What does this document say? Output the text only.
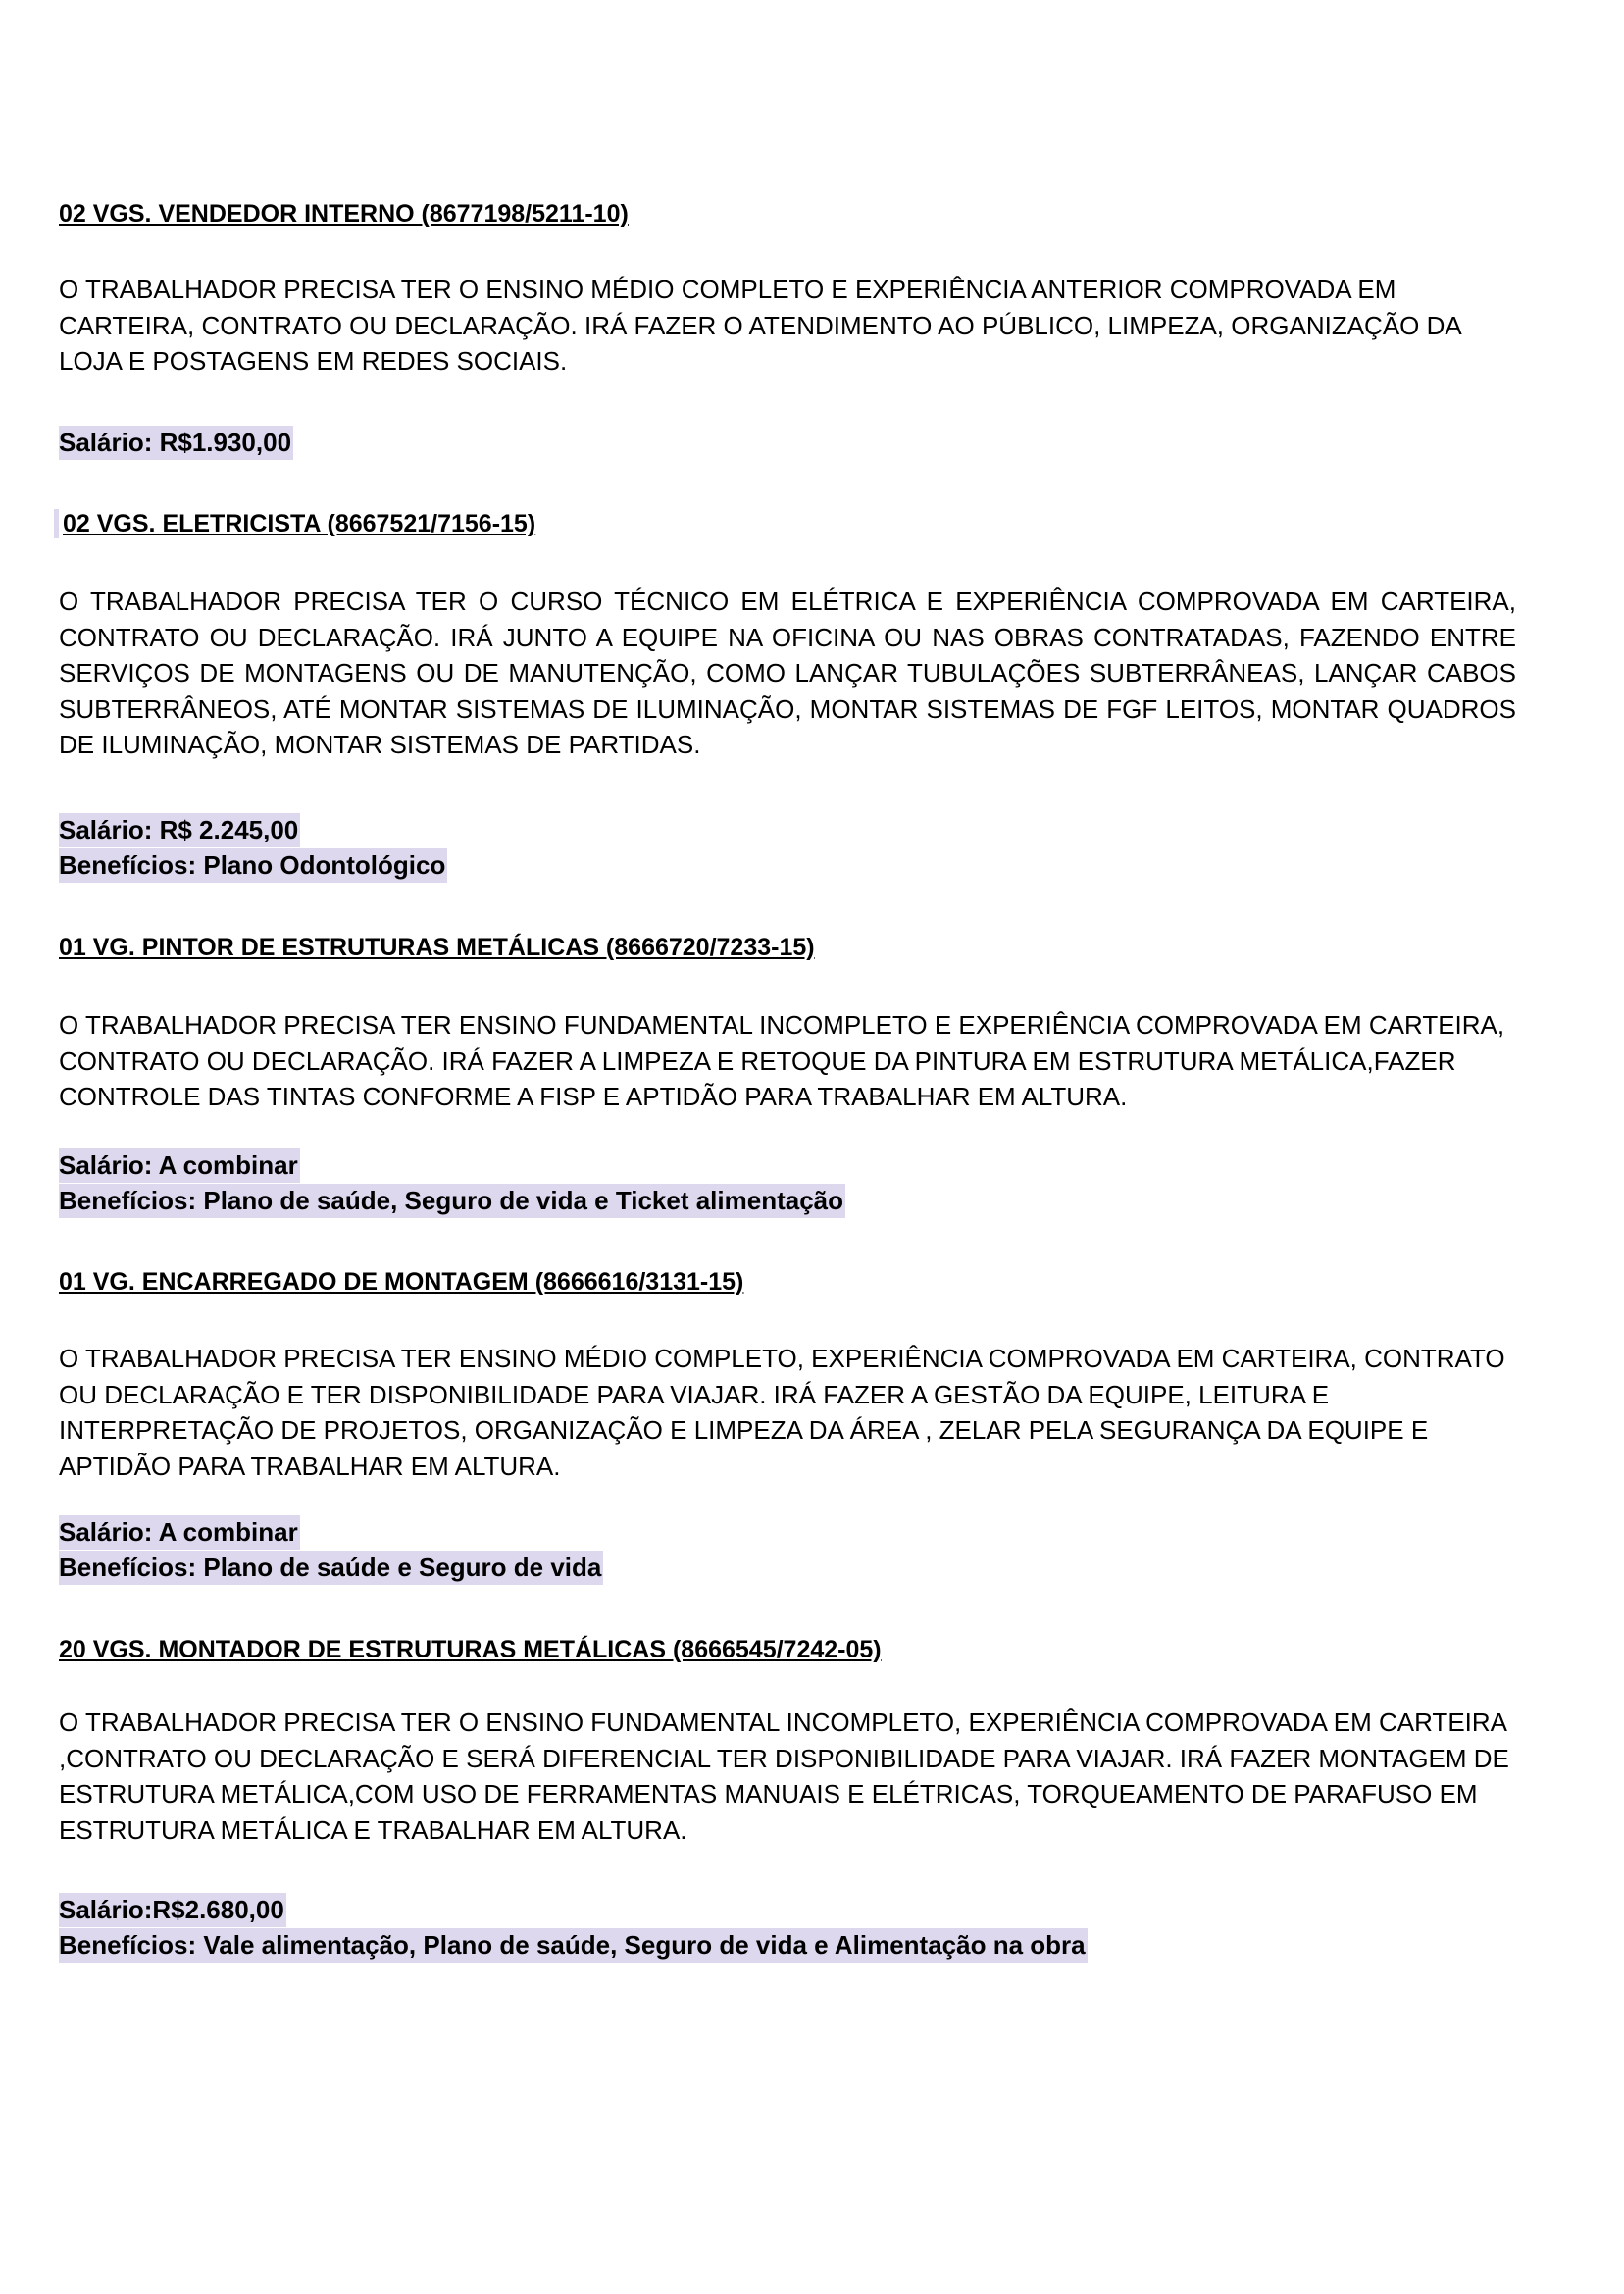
02 VGS. VENDEDOR INTERNO (8677198/5211-10)

O TRABALHADOR PRECISA TER O ENSINO MÉDIO COMPLETO E EXPERIÊNCIA ANTERIOR COMPROVADA EM CARTEIRA, CONTRATO OU DECLARAÇÃO. IRÁ FAZER O ATENDIMENTO AO PÚBLICO, LIMPEZA, ORGANIZAÇÃO DA LOJA E POSTAGENS EM REDES SOCIAIS.

Salário: R$1.930,00

02 VGS. ELETRICISTA (8667521/7156-15)

O TRABALHADOR PRECISA TER O CURSO TÉCNICO EM ELÉTRICA E EXPERIÊNCIA COMPROVADA EM CARTEIRA, CONTRATO OU DECLARAÇÃO. IRÁ JUNTO A EQUIPE NA OFICINA OU NAS OBRAS CONTRATADAS, FAZENDO ENTRE SERVIÇOS DE MONTAGENS OU DE MANUTENÇÃO, COMO LANÇAR TUBULAÇÕES SUBTERRÂNEAS, LANÇAR CABOS SUBTERRÂNEOS, ATÉ MONTAR SISTEMAS DE ILUMINAÇÃO, MONTAR SISTEMAS DE FGF LEITOS, MONTAR QUADROS DE ILUMINAÇÃO, MONTAR SISTEMAS DE PARTIDAS.

Salário: R$ 2.245,00

Benefícios: Plano Odontológico

01 VG. PINTOR DE ESTRUTURAS METÁLICAS (8666720/7233-15)

O TRABALHADOR PRECISA TER ENSINO FUNDAMENTAL INCOMPLETO E EXPERIÊNCIA COMPROVADA EM CARTEIRA, CONTRATO OU DECLARAÇÃO. IRÁ FAZER A LIMPEZA E RETOQUE DA PINTURA EM ESTRUTURA METÁLICA,FAZER CONTROLE DAS TINTAS CONFORME A FISP E APTIDÃO PARA TRABALHAR EM ALTURA.

Salário: A combinar

Benefícios: Plano de saúde, Seguro de vida e Ticket alimentação

01 VG. ENCARREGADO DE MONTAGEM (8666616/3131-15)

O TRABALHADOR PRECISA TER ENSINO MÉDIO COMPLETO, EXPERIÊNCIA COMPROVADA EM CARTEIRA, CONTRATO OU DECLARAÇÃO E TER DISPONIBILIDADE PARA VIAJAR. IRÁ FAZER A GESTÃO DA EQUIPE, LEITURA E INTERPRETAÇÃO DE PROJETOS, ORGANIZAÇÃO E LIMPEZA DA ÁREA , ZELAR PELA SEGURANÇA DA EQUIPE E APTIDÃO PARA TRABALHAR EM ALTURA.

Salário: A combinar

Benefícios: Plano de saúde e Seguro de vida

20 VGS. MONTADOR DE ESTRUTURAS METÁLICAS (8666545/7242-05)

O TRABALHADOR PRECISA TER O ENSINO FUNDAMENTAL INCOMPLETO, EXPERIÊNCIA COMPROVADA EM CARTEIRA ,CONTRATO OU DECLARAÇÃO E SERÁ DIFERENCIAL TER DISPONIBILIDADE PARA VIAJAR. IRÁ FAZER MONTAGEM DE ESTRUTURA METÁLICA,COM USO DE FERRAMENTAS MANUAIS E ELÉTRICAS, TORQUEAMENTO DE PARAFUSO EM ESTRUTURA METÁLICA E TRABALHAR EM ALTURA.

Salário:R$2.680,00

Benefícios: Vale alimentação, Plano de saúde, Seguro de vida e Alimentação na obra
